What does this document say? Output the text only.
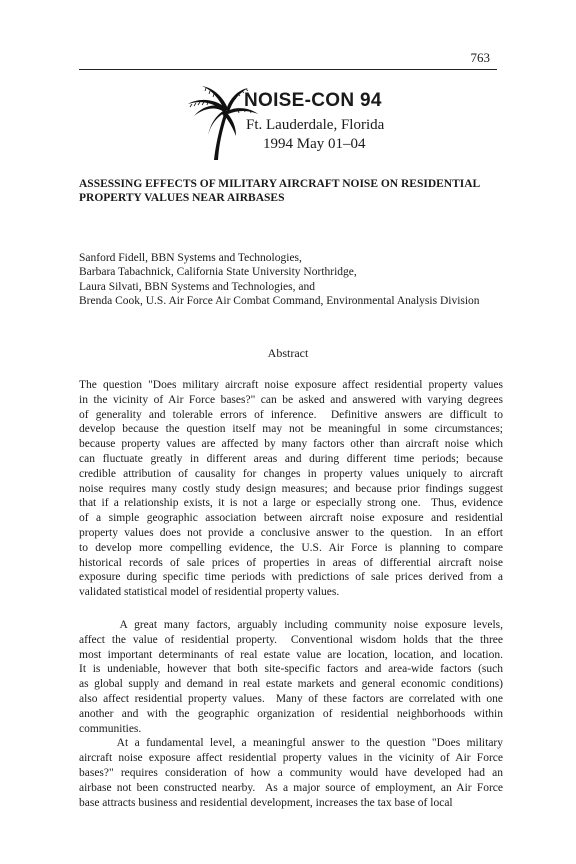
763
NOISE-CON 94
Ft. Lauderdale, Florida
1994 May 01–04
ASSESSING EFFECTS OF MILITARY AIRCRAFT NOISE ON RESIDENTIAL
PROPERTY VALUES NEAR AIRBASES
Sanford Fidell, BBN Systems and Technologies,
Barbara Tabachnick, California State University Northridge,
Laura Silvati, BBN Systems and Technologies, and
Brenda Cook, U.S. Air Force Air Combat Command, Environmental Analysis Division
Abstract
The question "Does military aircraft noise exposure affect residential property values
in the vicinity of Air Force bases?" can be asked and answered with varying degrees
of generality and tolerable errors of inference.  Definitive answers are difficult to
develop because the question itself may not be meaningful in some circumstances;
because property values are affected by many factors other than aircraft noise which
can fluctuate greatly in different areas and during different time periods; because
credible attribution of causality for changes in property values uniquely to aircraft
noise requires many costly study design measures; and because prior findings suggest
that if a relationship exists, it is not a large or especially strong one.  Thus, evidence
of a simple geographic association between aircraft noise exposure and residential
property values does not provide a conclusive answer to the question.  In an effort
to develop more compelling evidence, the U.S. Air Force is planning to compare
historical records of sale prices of properties in areas of differential aircraft noise
exposure during specific time periods with predictions of sale prices derived from a
validated statistical model of residential property values.
A great many factors, arguably including community noise exposure levels,
affect the value of residential property.  Conventional wisdom holds that the three
most important determinants of real estate value are location, location, and location.
It is undeniable, however that both site-specific factors and area-wide factors (such
as global supply and demand in real estate markets and general economic conditions)
also affect residential property values.  Many of these factors are correlated with one
another and with the geographic organization of residential neighborhoods within
communities.
At a fundamental level, a meaningful answer to the question "Does military
aircraft noise exposure affect residential property values in the vicinity of Air Force
bases?" requires consideration of how a community would have developed had an
airbase not been constructed nearby.  As a major source of employment, an Air Force
base attracts business and residential development, increases the tax base of local
